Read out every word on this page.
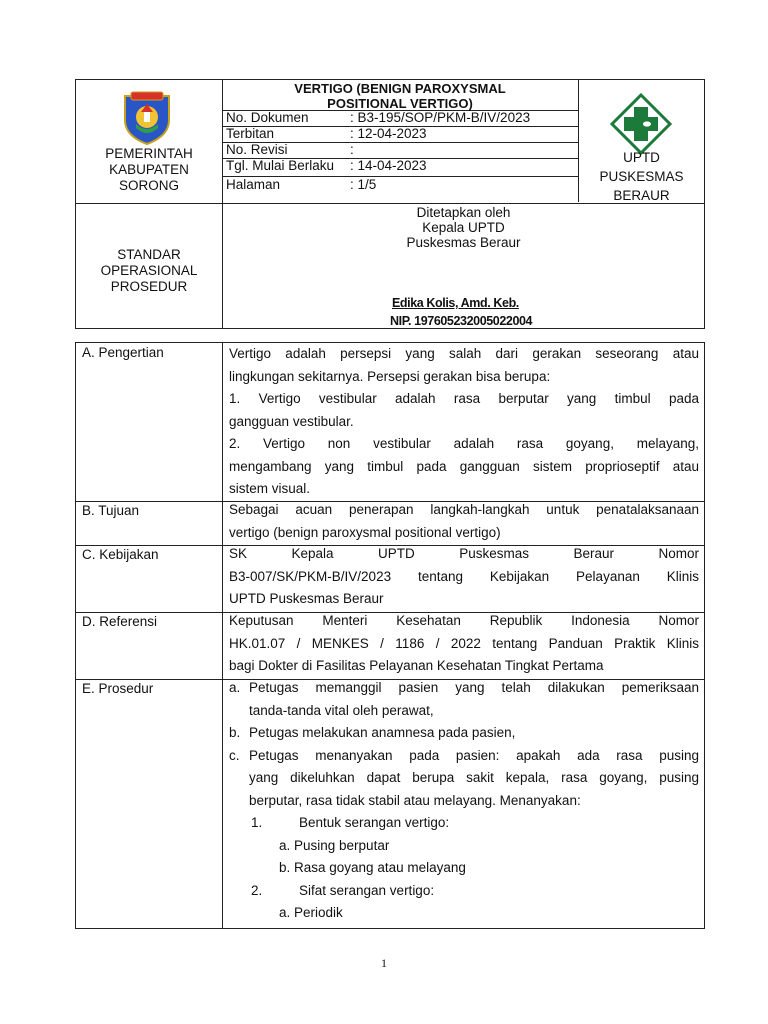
PEMERINTAH
KABUPATEN
SORONG
VERTIGO (BENIGN PAROXYSMAL
POSITIONAL VERTIGO)
No. Dokumen	: B3-195/SOP/PKM-B/IV/2023
Terbitan	: 12-04-2023
No. Revisi	:
Tgl. Mulai Berlaku : 14-04-2023
Halaman	: 1/5
UPTD
PUSKESMAS
BERAUR
STANDAR
OPERASIONAL
PROSEDUR
Ditetapkan oleh
Kepala UPTD
Puskesmas Beraur
Edika Kolis, Amd. Keb.
NIP. 197605232005022004
A. Pengertian	Vertigo adalah persepsi yang salah dari gerakan seseorang atau
lingkungan sekitarnya. Persepsi gerakan bisa berupa:
1. Vertigo vestibular adalah rasa berputar yang timbul pada
gangguan vestibular.
2. Vertigo non vestibular adalah rasa goyang, melayang,
mengambang yang timbul pada gangguan sistem proprioseptif atau
sistem visual.
B. Tujuan	Sebagai acuan penerapan langkah-langkah untuk penatalaksanaan
vertigo (benign paroxysmal positional vertigo)
C. Kebijakan	SK Kepala UPTD Puskesmas Beraur Nomor
B3-007/SK/PKM-B/IV/2023 tentang Kebijakan Pelayanan Klinis
UPTD Puskesmas Beraur
D. Referensi	Keputusan Menteri Kesehatan Republik Indonesia Nomor
HK.01.07 / MENKES / 1186 / 2022 tentang Panduan Praktik Klinis
bagi Dokter di Fasilitas Pelayanan Kesehatan Tingkat Pertama
E. Prosedur	a. Petugas memanggil pasien yang telah dilakukan pemeriksaan
tanda-tanda vital oleh perawat,
b. Petugas melakukan anamnesa pada pasien,
c. Petugas menanyakan pada pasien: apakah ada rasa pusing
yang dikeluhkan dapat berupa sakit kepala, rasa goyang, pusing
berputar, rasa tidak stabil atau melayang. Menanyakan:
1.	Bentuk serangan vertigo:
a. Pusing berputar
b. Rasa goyang atau melayang
2.	Sifat serangan vertigo:
a. Periodik
1
